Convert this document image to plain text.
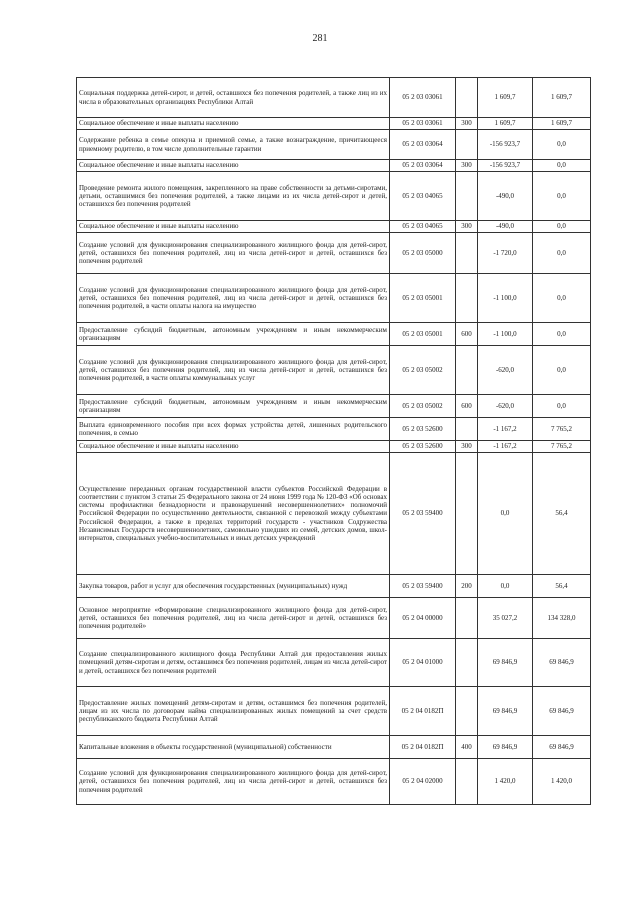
281
Социальная поддержка детей-сирот, и детей, оставшихся без попечения родителей, а также лиц из их числа в образовательных организациях Республики Алтай	05 2 03 03061		1 609,7	1 609,7
Социальное обеспечение и иные выплаты населению	05 2 03 03061	300	1 609,7	1 609,7
Содержание ребенка в семье опекуна и приемной семье, а также вознаграждение, причитающееся приемному родителю, в том числе дополнительные гарантии	05 2 03 03064		-156 923,7	0,0
Социальное обеспечение и иные выплаты населению	05 2 03 03064	300	-156 923,7	0,0
Проведение ремонта жилого помещения, закрепленного на праве собственности за детьми-сиротами, детьми, оставшимися без попечения родителей, а также лицами из их числа детей-сирот и детей, оставшихся без попечения родителей	05 2 03 04065		-490,0	0,0
Социальное обеспечение и иные выплаты населению	05 2 03 04065	300	-490,0	0,0
Создание условий для функционирования специализированного жилищного фонда для детей-сирот, детей, оставшихся без попечения родителей, лиц из числа детей-сирот и детей, оставшихся без попечения родителей	05 2 03 05000		-1 720,0	0,0
Создание условий для функционирования специализированного жилищного фонда для детей-сирот, детей, оставшихся без попечения родителей, лиц из числа детей-сирот и детей, оставшихся без попечения родителей, в части оплаты налога на имущество	05 2 03 05001		-1 100,0	0,0
Предоставление субсидий бюджетным, автономным учреждениям и иным некоммерческим организациям	05 2 03 05001	600	-1 100,0	0,0
Создание условий для функционирования специализированного жилищного фонда для детей-сирот, детей, оставшихся без попечения родителей, лиц из числа детей-сирот и детей, оставшихся без попечения родителей, в части оплаты коммунальных услуг	05 2 03 05002		-620,0	0,0
Предоставление субсидий бюджетным, автономным учреждениям и иным некоммерческим организациям	05 2 03 05002	600	-620,0	0,0
Выплата единовременного пособия при всех формах устройства детей, лишенных родительского попечения, в семью	05 2 03 52600		-1 167,2	7 765,2
Социальное обеспечение и иные выплаты населению	05 2 03 52600	300	-1 167,2	7 765,2
Осуществление переданных органам государственной власти субъектов Российской Федерации в соответствии с пунктом 3 статьи 25 Федерального закона от 24 июня 1999 года № 120-ФЗ «Об основах системы профилактики безнадзорности и правонарушений несовершеннолетних» полномочий Российской Федерации по осуществлению деятельности, связанной с перевозкой между субъектами Российской Федерации, а также в пределах территорий государств - участников Содружества Независимых Государств несовершеннолетних, самовольно ушедших из семей, детских домов, школ-интернатов, специальных учебно-воспитательных и иных детских учреждений	05 2 03 59400		0,0	56,4
Закупка товаров, работ и услуг для обеспечения государственных (муниципальных) нужд	05 2 03 59400	200	0,0	56,4
Основное мероприятие «Формирование специализированного жилищного фонда для детей-сирот, детей, оставшихся без попечения родителей, лиц из числа детей-сирот и детей, оставшихся без попечения родителей»	05 2 04 00000		35 027,2	134 328,0
Создание специализированного жилищного фонда Республики Алтай для предоставления жилых помещений детям-сиротам и детям, оставшимся без попечения родителей, лицам из числа детей-сирот и детей, оставшихся без попечения родителей	05 2 04 01000		69 846,9	69 846,9
Предоставление жилых помещений детям-сиротам и детям, оставшимся без попечения родителей, лицам из их числа по договорам найма специализированных жилых помещений за счет средств республиканского бюджета Республики Алтай	05 2 04 0182П		69 846,9	69 846,9
Капитальные вложения в объекты государственной (муниципальной) собственности	05 2 04 0182П	400	69 846,9	69 846,9
Создание условий для функционирования специализированного жилищного фонда для детей-сирот, детей, оставшихся без попечения родителей, лиц из числа детей-сирот и детей, оставшихся без попечения родителей	05 2 04 02000		1 420,0	1 420,0
